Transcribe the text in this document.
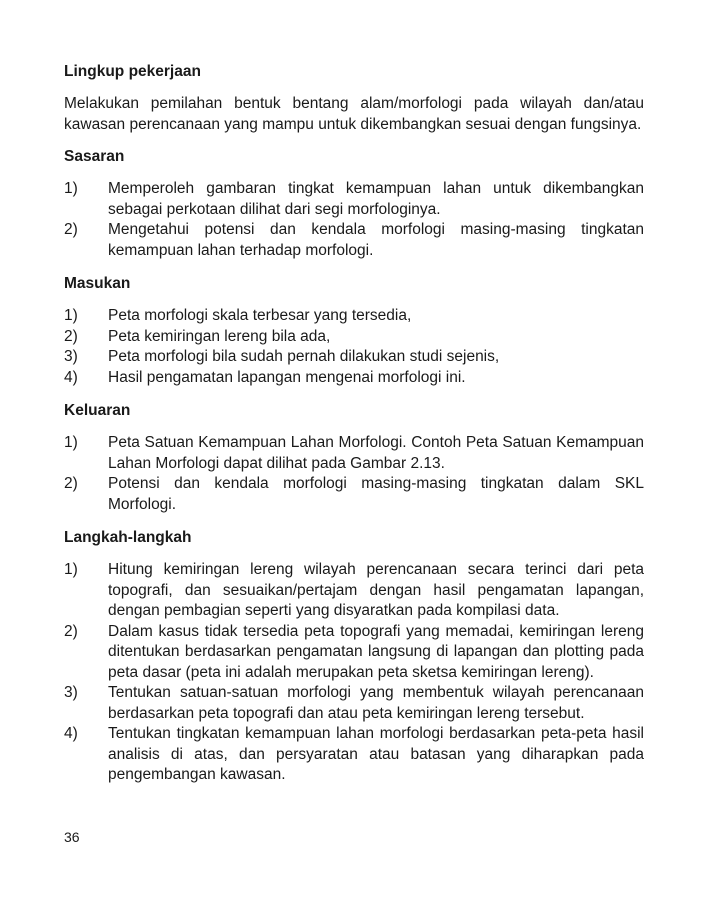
Lingkup pekerjaan

Melakukan pemilahan bentuk bentang alam/morfologi pada wilayah dan/atau kawasan perencanaan yang mampu untuk dikembangkan sesuai dengan fungsinya.

Sasaran
1)	Memperoleh gambaran tingkat kemampuan lahan untuk dikembangkan sebagai perkotaan dilihat dari segi morfologinya.
2)	Mengetahui potensi dan kendala morfologi masing-masing tingkatan kemampuan lahan terhadap morfologi.
Masukan
1)	Peta morfologi skala terbesar yang tersedia,
2)	Peta kemiringan lereng bila ada,
3)	Peta morfologi bila sudah pernah dilakukan studi sejenis,
4)	Hasil pengamatan lapangan mengenai morfologi ini.
Keluaran
1)	Peta Satuan Kemampuan Lahan Morfologi. Contoh Peta Satuan Kemampuan Lahan Morfologi dapat dilihat pada Gambar 2.13.
2)	Potensi dan kendala morfologi masing-masing tingkatan dalam SKL Morfologi.
Langkah-langkah
1)	Hitung kemiringan lereng wilayah perencanaan secara terinci dari peta topografi, dan sesuaikan/pertajam dengan hasil pengamatan lapangan, dengan pembagian seperti yang disyaratkan pada kompilasi data.
2)	Dalam kasus tidak tersedia peta topografi yang memadai, kemiringan lereng ditentukan berdasarkan pengamatan langsung di lapangan dan plotting pada peta dasar (peta ini adalah merupakan peta sketsa kemiringan lereng).
3)	Tentukan satuan-satuan morfologi yang membentuk wilayah perencanaan berdasarkan peta topografi dan atau peta kemiringan lereng tersebut.
4)	Tentukan tingkatan kemampuan lahan morfologi berdasarkan peta-peta hasil analisis di atas, dan persyaratan atau batasan yang diharapkan pada pengembangan kawasan.
36
